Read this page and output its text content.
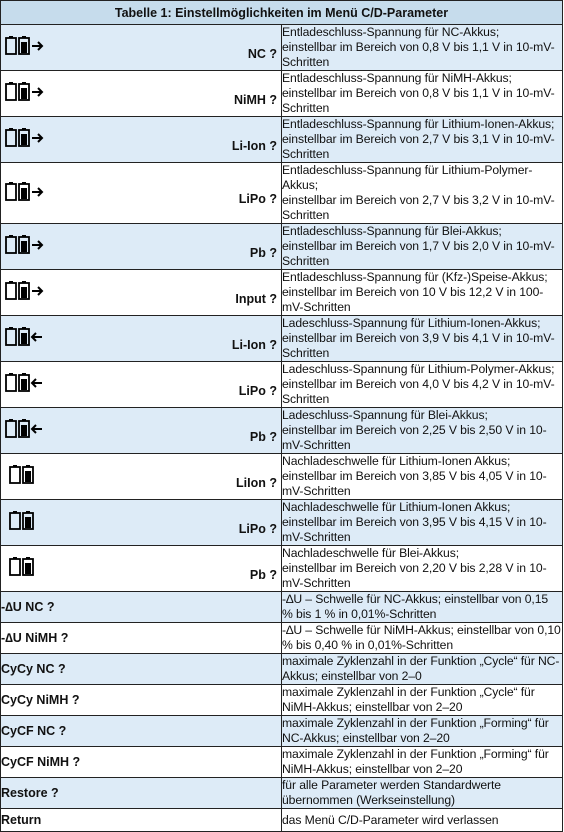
Tabelle 1: Einstellmöglichkeiten im Menü C/D-Parameter	

NC ?	Entladeschluss-Spannung für NC-Akkus;
einstellbar im Bereich von 0,8 V bis 1,1 V in 10-mV-Schritten

NiMH ?	Entladeschluss-Spannung für NiMH-Akkus;
einstellbar im Bereich von 0,8 V bis 1,1 V in 10-mV-Schritten

Li-Ion ?	Entladeschluss-Spannung für Lithium-Ionen-Akkus;
einstellbar im Bereich von 2,7 V bis 3,1 V in 10-mV-Schritten

LiPo ?	Entladeschluss-Spannung für Lithium-Polymer-Akkus;
einstellbar im Bereich von 2,7 V bis 3,2 V in 10-mV-Schritten

Pb ?	Entladeschluss-Spannung für Blei-Akkus;
einstellbar im Bereich von 1,7 V bis 2,0 V in 10-mV-Schritten

Input ?	Entladeschluss-Spannung für (Kfz-)Speise-Akkus;
einstellbar im Bereich von 10 V bis 12,2 V in 100-mV-Schritten

Li-Ion ?	Ladeschluss-Spannung für Lithium-Ionen-Akkus;
einstellbar im Bereich von 3,9 V bis 4,1 V in 10-mV-Schritten

LiPo ?	Ladeschluss-Spannung für Lithium-Polymer-Akkus;
einstellbar im Bereich von 4,0 V bis 4,2 V in 10-mV-Schritten

Pb ?	Ladeschluss-Spannung für Blei-Akkus;
einstellbar im Bereich von 2,25 V bis 2,50 V in 10-mV-Schritten

LiIon ?	Nachladeschwelle für Lithium-Ionen Akkus;
einstellbar im Bereich von 3,85 V bis 4,05 V in 10-mV-Schritten

LiPo ?	Nachladeschwelle für Lithium-Ionen Akkus;
einstellbar im Bereich von 3,95 V bis 4,15 V in 10-mV-Schritten

Pb ?	Nachladeschwelle für Blei-Akkus;
einstellbar im Bereich von 2,20 V bis 2,28 V in 10-mV-Schritten

-∆U NC ?	-∆U – Schwelle für NC-Akkus; einstellbar von 0,15 % bis 1 % in 0,01%-Schritten
-∆U NiMH ?	-∆U – Schwelle für NiMH-Akkus; einstellbar von 0,10 % bis 0,40 % in 0,01%-Schritten
CyCy NC ?	maximale Zyklenzahl in der Funktion „Cycle“ für NC-Akkus; einstellbar von 2–0
CyCy NiMH ?	maximale Zyklenzahl in der Funktion „Cycle“ für NiMH-Akkus; einstellbar von 2–20
CyCF NC ?	maximale Zyklenzahl in der Funktion „Forming“ für NC-Akkus; einstellbar von 2–20
CyCF NiMH ?	maximale Zyklenzahl in der Funktion „Forming“ für NiMH-Akkus; einstellbar von 2–20
Restore ?	für alle Parameter werden Standardwerte übernommen (Werkseinstellung)
Return	das Menü C/D-Parameter wird verlassen
